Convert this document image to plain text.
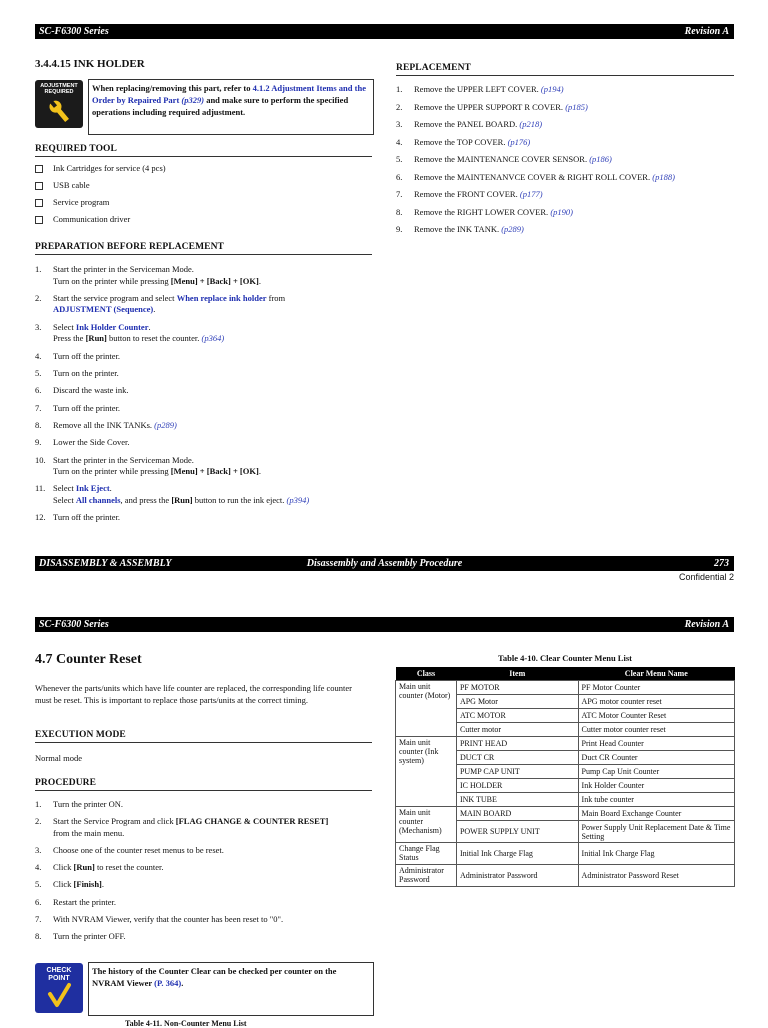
SC-F6300 Series	Revision A
3.4.4.15 INK HOLDER
ADJUSTMENT
REQUIRED	When replacing/removing this part, refer to 4.1.2 Adjustment Items and the Order by Repaired Part (p329) and make sure to perform the specified operations including required adjustment.
REQUIRED TOOL
Ink Cartridges for service (4 pcs)
USB cable
Service program
Communication driver
PREPARATION BEFORE REPLACEMENT
1.	Start the printer in the Serviceman Mode.
Turn on the printer while pressing [Menu] + [Back] + [OK].
2.	Start the service program and select When replace ink holder from
ADJUSTMENT (Sequence).
3.	Select Ink Holder Counter.
Press the [Run] button to reset the counter. (p364)
4.	Turn off the printer.
5.	Turn on the printer.
6.	Discard the waste ink.
7.	Turn off the printer.
8.	Remove all the INK TANKs. (p289)
9.	Lower the Side Cover.
10. Start the printer in the Serviceman Mode.
Turn on the printer while pressing [Menu] + [Back] + [OK].
11. Select Ink Eject.
Select All channels, and press the [Run] button to run the ink eject. (p394)
12. Turn off the printer.
REPLACEMENT
1.	Remove the UPPER LEFT COVER. (p194)
2.	Remove the UPPER SUPPORT R COVER. (p185)
3.	Remove the PANEL BOARD. (p218)
4.	Remove the TOP COVER. (p176)
5.	Remove the MAINTENANCE COVER SENSOR. (p186)
6.	Remove the MAINTENANVCE COVER & RIGHT ROLL COVER. (p188)
7.	Remove the FRONT COVER. (p177)
8.	Remove the RIGHT LOWER COVER. (p190)
9.	Remove the INK TANK. (p289)
DISASSEMBLY & ASSEMBLY	Disassembly and Assembly Procedure	273
Confidential 2
SC-F6300 Series	Revision A
4.7 Counter Reset
Whenever the parts/units which have life counter are replaced, the corresponding life counter must be reset. This is important to replace those parts/units at the correct timing.
EXECUTION MODE
Normal mode
PROCEDURE
1.	Turn the printer ON.
2.	Start the Service Program and click [FLAG CHANGE & COUNTER RESET]
from the main menu.
3.	Choose one of the counter reset menus to be reset.
4.	Click [Run] to reset the counter.
5.	Click [Finish].
6.	Restart the printer.
7.	With NVRAM Viewer, verify that the counter has been reset to "0".
8.	Turn the printer OFF.
CHECK
POINT
The history of the Counter Clear can be checked per counter on the NVRAM Viewer (P. 364).
Table 4-11. Non-Counter Menu List
Table 4-10. Clear Counter Menu List
Class	Item	Clear Menu Name
Main unit counter (Motor)	PF MOTOR	PF Motor Counter
	APG Motor	APG motor counter reset
	ATC MOTOR	ATC Motor Counter Reset
	Cutter motor	Cutter motor counter reset
Main unit counter (Ink system)	PRINT HEAD	Print Head Counter
	DUCT CR	Duct CR Counter
	PUMP CAP UNIT	Pump Cap Unit Counter
	IC HOLDER	Ink Holder Counter
	INK TUBE	Ink tube counter
Main unit counter (Mechanism)	MAIN BOARD	Main Board Exchange Counter
	POWER SUPPLY UNIT	Power Supply Unit Replacement Date & Time Setting
Change Flag Status	Initial Ink Charge Flag	Initial Ink Charge Flag
Administrator Password	Administrator Password	Administrator Password Reset
